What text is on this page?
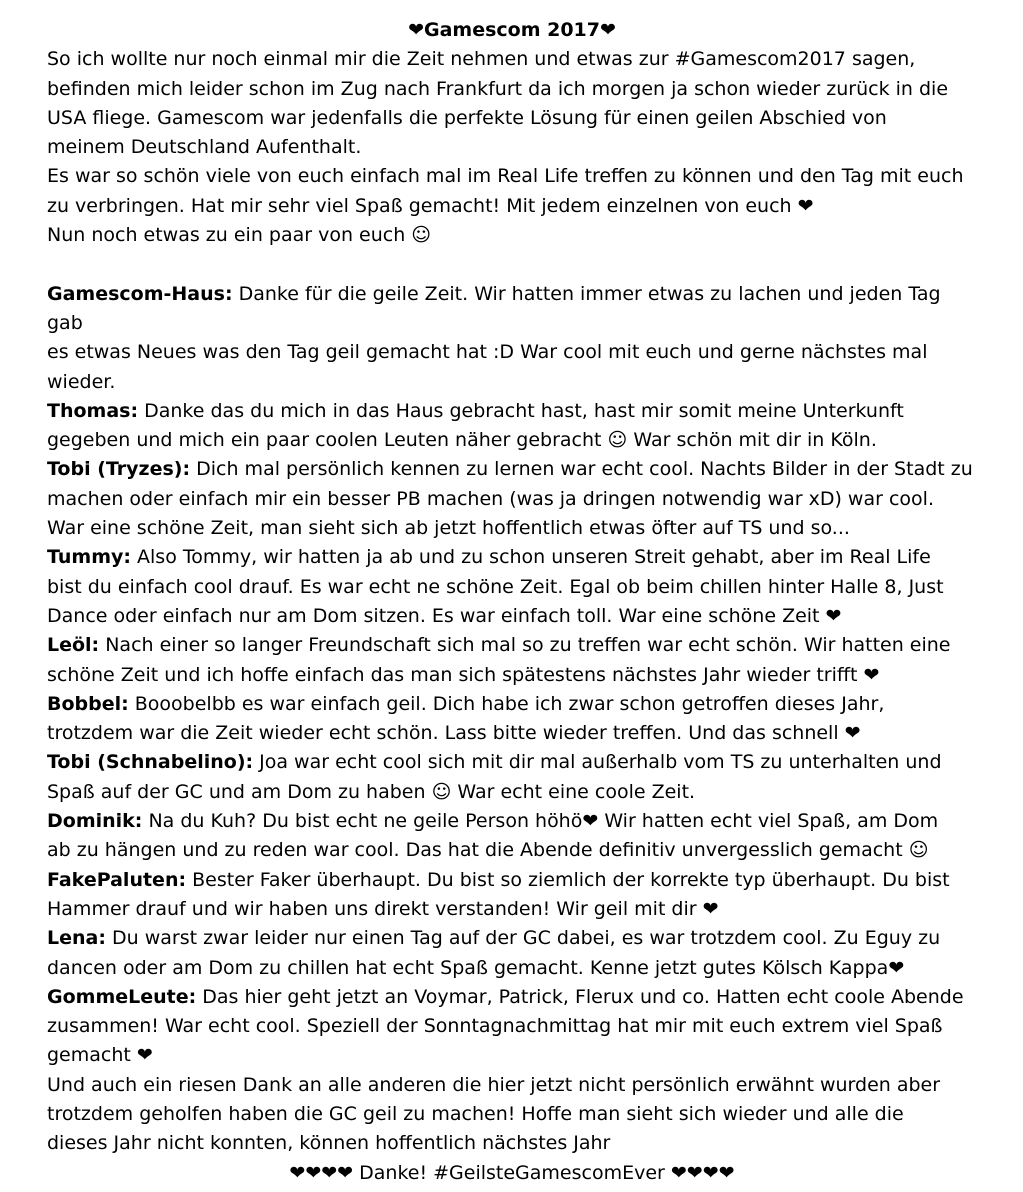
❤Gamescom 2017❤

So ich wollte nur noch einmal mir die Zeit nehmen und etwas zur #Gamescom2017 sagen,
befinden mich leider schon im Zug nach Frankfurt da ich morgen ja schon wieder zurück in die
USA fliege. Gamescom war jedenfalls die perfekte Lösung für einen geilen Abschied von
meinem Deutschland Aufenthalt.

Es war so schön viele von euch einfach mal im Real Life treffen zu können und den Tag mit euch
zu verbringen. Hat mir sehr viel Spaß gemacht! Mit jedem einzelnen von euch ❤

Nun noch etwas zu ein paar von euch ☺

Gamescom-Haus: Danke für die geile Zeit. Wir hatten immer etwas zu lachen und jeden Tag gab
es etwas Neues was den Tag geil gemacht hat :D War cool mit euch und gerne nächstes mal
wieder.

Thomas: Danke das du mich in das Haus gebracht hast, hast mir somit meine Unterkunft
gegeben und mich ein paar coolen Leuten näher gebracht ☺ War schön mit dir in Köln.

Tobi (Tryzes): Dich mal persönlich kennen zu lernen war echt cool. Nachts Bilder in der Stadt zu
machen oder einfach mir ein besser PB machen (was ja dringen notwendig war xD) war cool.
War eine schöne Zeit, man sieht sich ab jetzt hoffentlich etwas öfter auf TS und so...

Tummy: Also Tommy, wir hatten ja ab und zu schon unseren Streit gehabt, aber im Real Life
bist du einfach cool drauf. Es war echt ne schöne Zeit. Egal ob beim chillen hinter Halle 8, Just
Dance oder einfach nur am Dom sitzen. Es war einfach toll. War eine schöne Zeit ❤

Leöl: Nach einer so langer Freundschaft sich mal so zu treffen war echt schön. Wir hatten eine
schöne Zeit und ich hoffe einfach das man sich spätestens nächstes Jahr wieder trifft ❤

Bobbel: Booobelbb es war einfach geil. Dich habe ich zwar schon getroffen dieses Jahr,
trotzdem war die Zeit wieder echt schön. Lass bitte wieder treffen. Und das schnell ❤

Tobi (Schnabelino): Joa war echt cool sich mit dir mal außerhalb vom TS zu unterhalten und
Spaß auf der GC und am Dom zu haben ☺ War echt eine coole Zeit.

Dominik: Na du Kuh? Du bist echt ne geile Person höhö❤ Wir hatten echt viel Spaß, am Dom
ab zu hängen und zu reden war cool. Das hat die Abende definitiv unvergesslich gemacht ☺

FakePaluten: Bester Faker überhaupt. Du bist so ziemlich der korrekte typ überhaupt. Du bist
Hammer drauf und wir haben uns direkt verstanden! Wir geil mit dir ❤

Lena: Du warst zwar leider nur einen Tag auf der GC dabei, es war trotzdem cool. Zu Eguy zu
dancen oder am Dom zu chillen hat echt Spaß gemacht. Kenne jetzt gutes Kölsch Kappa❤

GommeLeute: Das hier geht jetzt an Voymar, Patrick, Flerux und co. Hatten echt coole Abende
zusammen! War echt cool. Speziell der Sonntagnachmittag hat mir mit euch extrem viel Spaß
gemacht ❤

Und auch ein riesen Dank an alle anderen die hier jetzt nicht persönlich erwähnt wurden aber
trotzdem geholfen haben die GC geil zu machen! Hoffe man sieht sich wieder und alle die
dieses Jahr nicht konnten, können hoffentlich nächstes Jahr

❤❤❤❤ Danke! #GeilsteGamescomEver ❤❤❤❤
